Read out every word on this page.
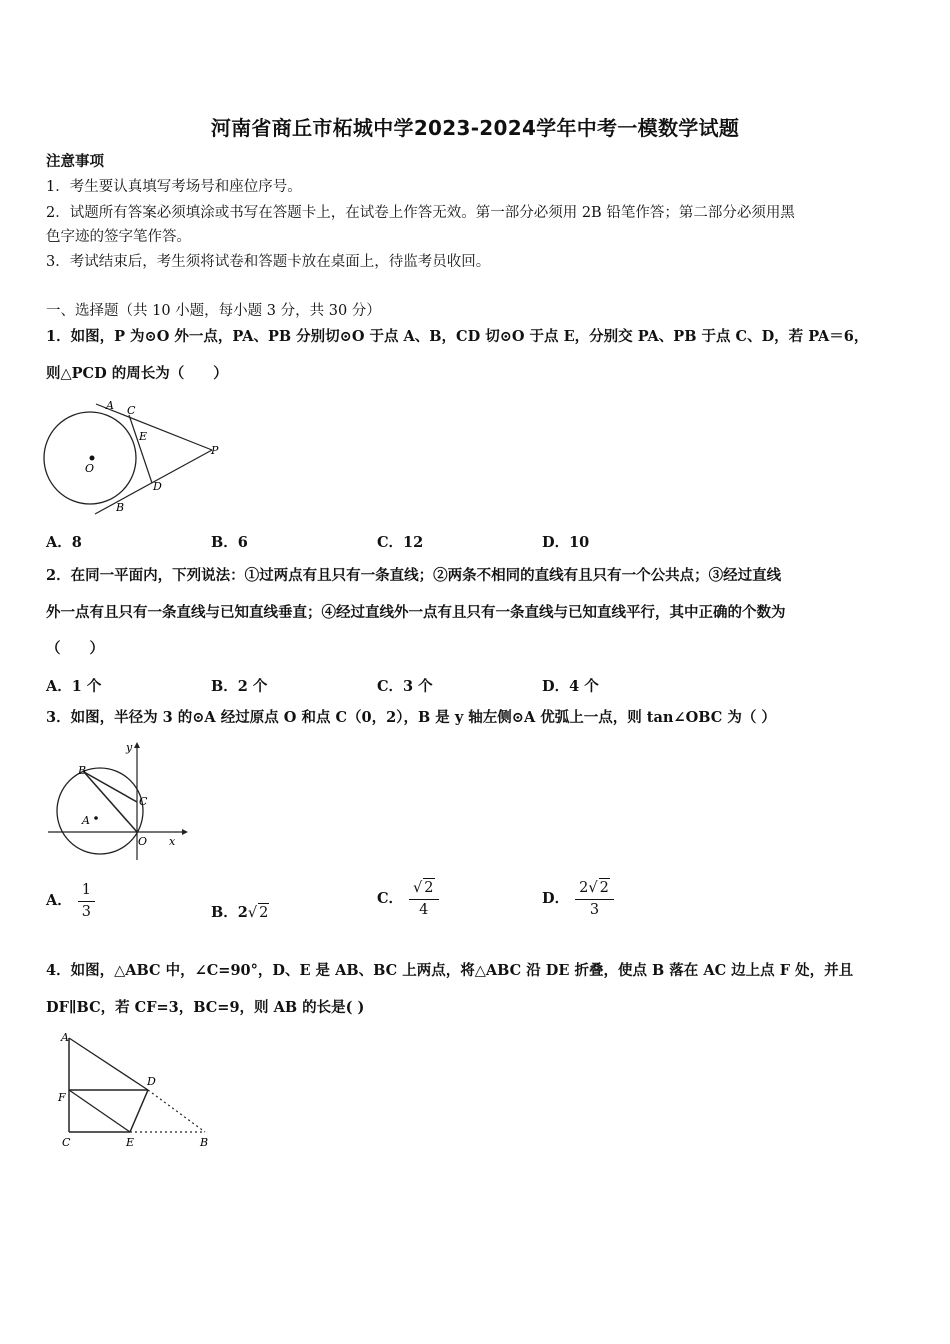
河南省商丘市柘城中学2023-2024学年中考一模数学试题
注意事项
1．考生要认真填写考场号和座位序号。
2．试题所有答案必须填涂或书写在答题卡上，在试卷上作答无效。第一部分必须用 2B 铅笔作答；第二部分必须用黑
色字迹的签字笔作答。
3．考试结束后，考生须将试卷和答题卡放在桌面上，待监考员收回。
一、选择题（共 10 小题，每小题 3 分，共 30 分）
1．如图，P 为⊙O 外一点，PA、PB 分别切⊙O 于点 A、B，CD 切⊙O 于点 E，分别交 PA、PB 于点 C、D，若 PA＝6，
则△PCD 的周长为（　　）
A C
E
P
O
D
B
A．8	B．6	C．12	D．10
2．在同一平面内，下列说法：①过两点有且只有一条直线；②两条不相同的直线有且只有一个公共点；③经过直线
外一点有且只有一条直线与已知直线垂直；④经过直线外一点有且只有一条直线与已知直线平行，其中正确的个数为
（　　）
A．1 个	B．2 个	C．3 个	D．4 个
3．如图，半径为 3 的⊙A 经过原点 O 和点 C（0，2），B 是 y 轴左侧⊙A 优弧上一点，则 tan∠OBC 为（ ）
y
B
C
A
O x
A． $\frac{1}{3}$	B．2√ 2
C． $\frac{√ 2}{4}$	D． $\frac{2√ 2}{3}$
4．如图，△ABC 中，∠C=90°，D、E 是 AB、BC 上两点，将△ABC 沿 DE 折叠，使点 B 落在 AC 边上点 F 处，并且
DF∥BC，若 CF=3，BC=9，则 AB 的长是( )
A
D
F
C	E	B
